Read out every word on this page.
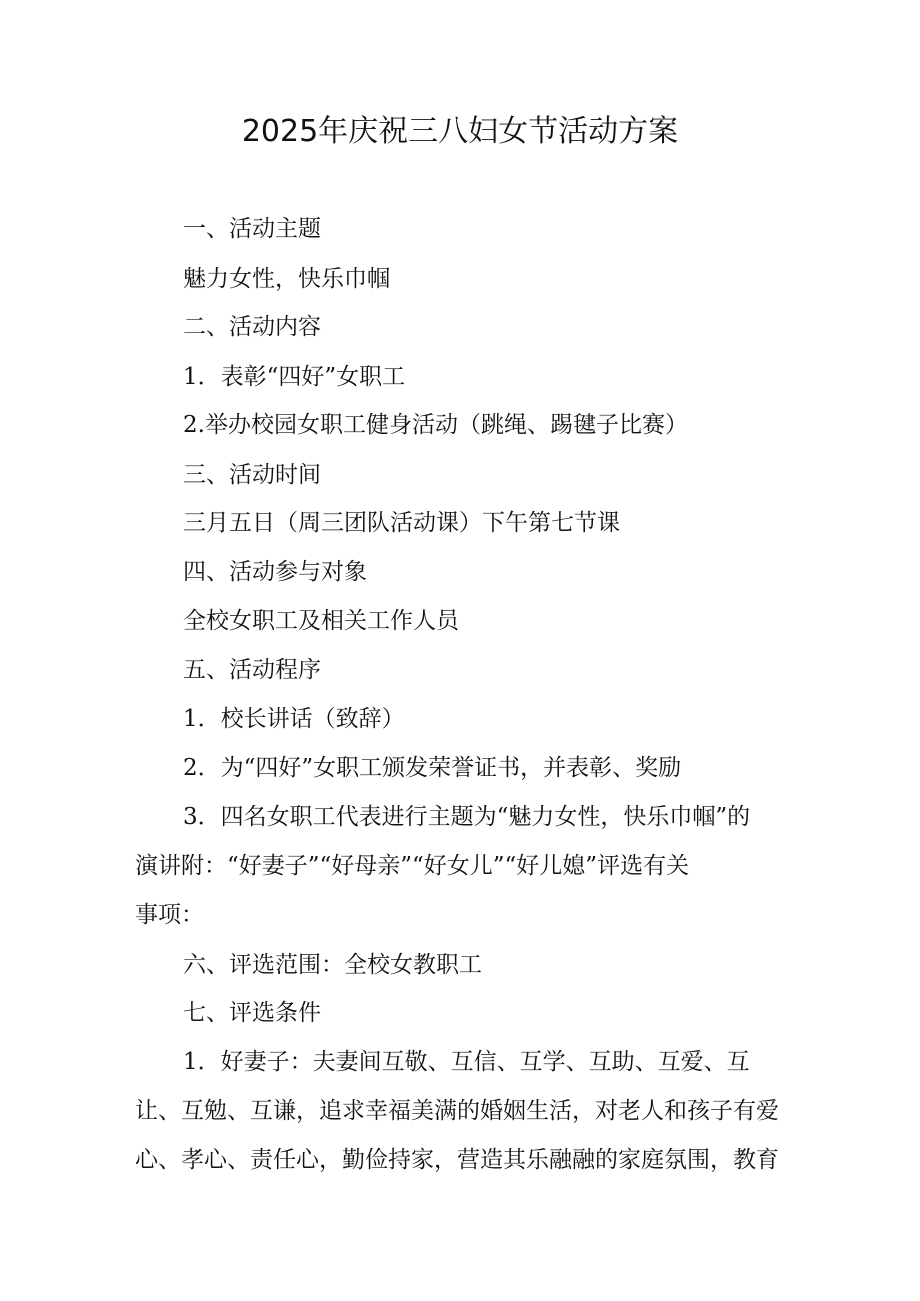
2025年庆祝三八妇女节活动方案
一、活动主题
魅力女性，快乐巾帼
二、活动内容
1．表彰“四好”女职工
2.举办校园女职工健身活动（跳绳、踢毽子比赛）
三、活动时间
三月五日（周三团队活动课）下午第七节课
四、活动参与对象
全校女职工及相关工作人员
五、活动程序
1．校长讲话（致辞）
2．为“四好”女职工颁发荣誉证书，并表彰、奖励
3．四名女职工代表进行主题为“魅力女性，快乐巾帼”的
演讲附：“好妻子”“好母亲”“好女儿”“好儿媳”评选有关
事项：
六、评选范围：全校女教职工
七、评选条件
1．好妻子：夫妻间互敬、互信、互学、互助、互爱、互
让、互勉、互谦，追求幸福美满的婚姻生活，对老人和孩子有爱
心、孝心、责任心，勤俭持家，营造其乐融融的家庭氛围，教育
